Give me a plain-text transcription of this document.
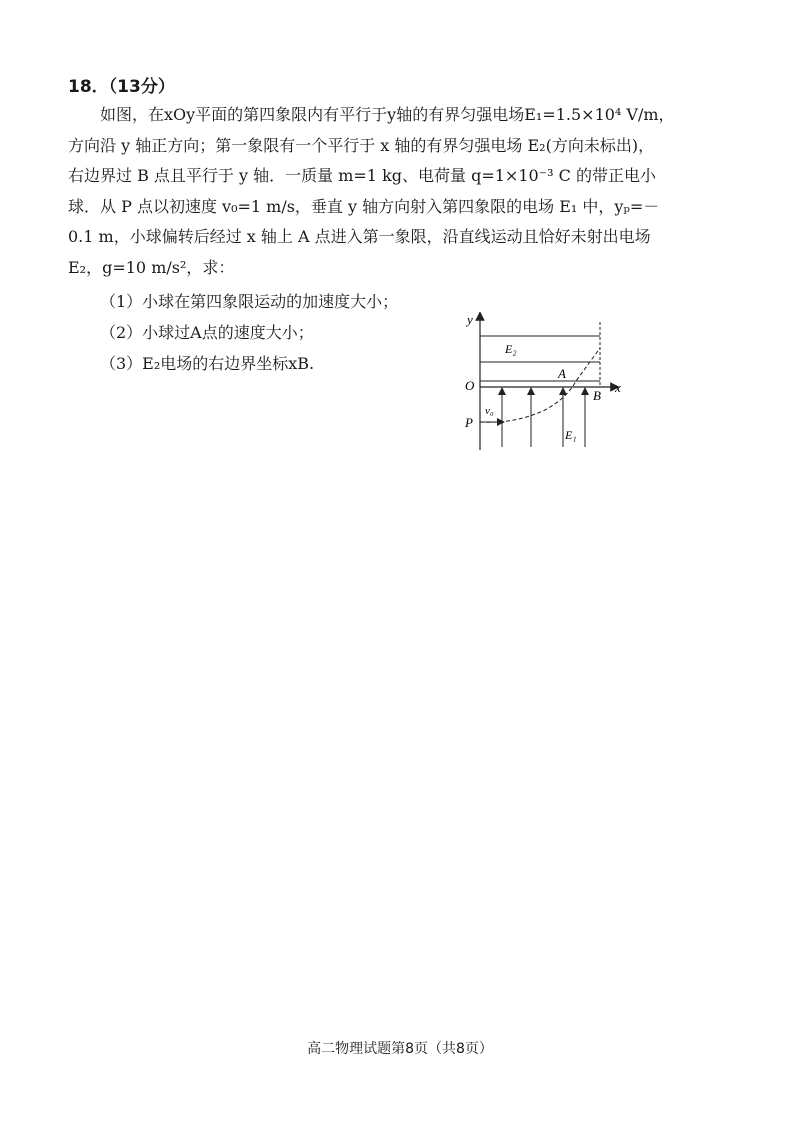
18．（13分）
如图，在xOy平面的第四象限内有平行于y轴的有界匀强电场E₁=1.5×10⁴ V/m，
方向沿 y 轴正方向；第一象限有一个平行于 x 轴的有界匀强电场 E₂(方向未标出)，
右边界过 B 点且平行于 y 轴．一质量 m=1 kg、电荷量 q=1×10⁻³ C 的带正电小
球．从 P 点以初速度 v₀=1 m/s，垂直 y 轴方向射入第四象限的电场 E₁ 中，yₚ=－
0.1 m，小球偏转后经过 x 轴上 A 点进入第一象限，沿直线运动且恰好未射出电场
E₂，g=10 m/s²，求：
（1）小球在第四象限运动的加速度大小；
（2）小球过A点的速度大小；
（3）E₂电场的右边界坐标xB.
y
x
O
P
A
B
v₀
E₁
E₂
高二物理试题第8页（共8页）
